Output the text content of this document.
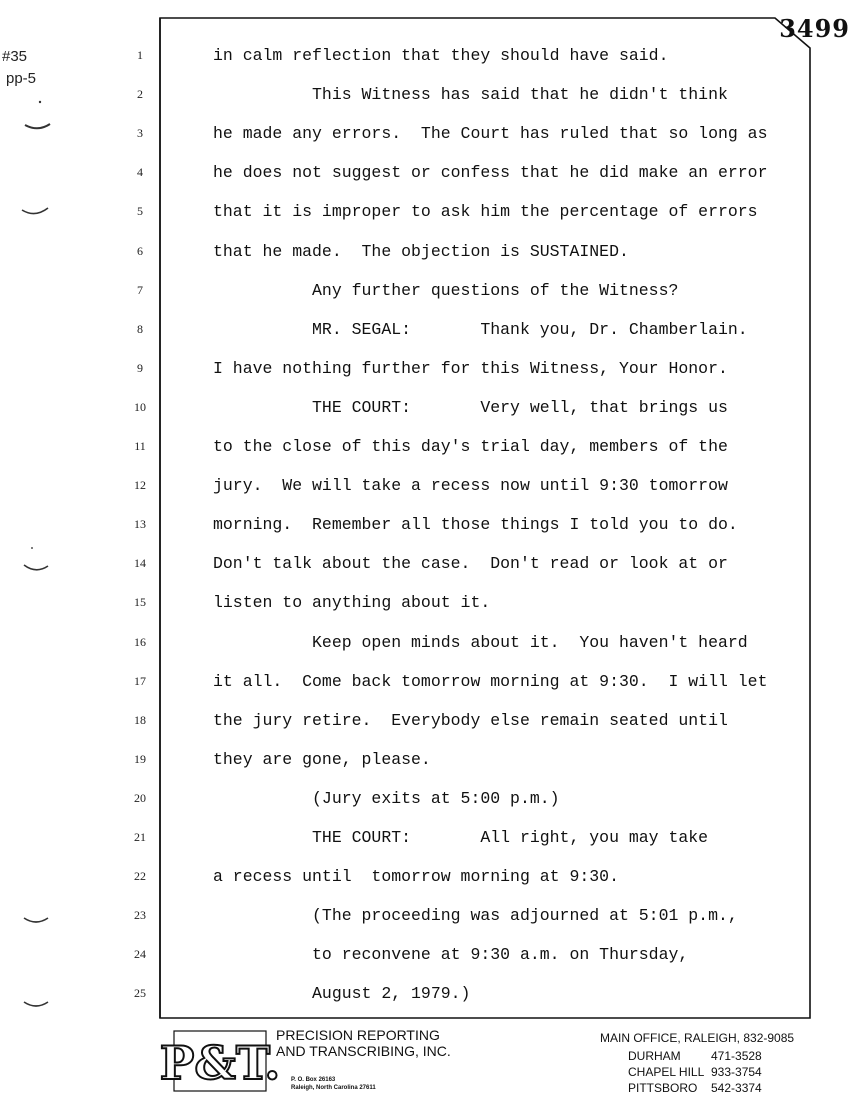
#35
pp-5
3499
1	in calm reflection that they should have said.
2	This Witness has said that he didn't think
3	he made any errors.  The Court has ruled that so long as
4	he does not suggest or confess that he did make an error
5	that it is improper to ask him the percentage of errors
6	that he made.  The objection is SUSTAINED.
7	Any further questions of the Witness?
8	MR. SEGAL:       Thank you, Dr. Chamberlain.
9	I have nothing further for this Witness, Your Honor.
10	THE COURT:       Very well, that brings us
11	to the close of this day's trial day, members of the
12	jury.  We will take a recess now until 9:30 tomorrow
13	morning.  Remember all those things I told you to do.
14	Don't talk about the case.  Don't read or look at or
15	listen to anything about it.
16	Keep open minds about it.  You haven't heard
17	it all.  Come back tomorrow morning at 9:30.  I will let
18	the jury retire.  Everybody else remain seated until
19	they are gone, please.
20	(Jury exits at 5:00 p.m.)
21	THE COURT:       All right, you may take
22	a recess until  tomorrow morning at 9:30.
23	(The proceeding was adjourned at 5:01 p.m.,
24	to reconvene at 9:30 a.m. on Thursday,
25	August 2, 1979.)
P&T.
PRECISION REPORTING
AND TRANSCRIBING, INC.
P. O. Box 26163
Raleigh, North Carolina 27611
MAIN OFFICE, RALEIGH, 832-9085
DURHAM	471-3528
CHAPEL HILL 933-3754
PITTSBORO 542-3374
